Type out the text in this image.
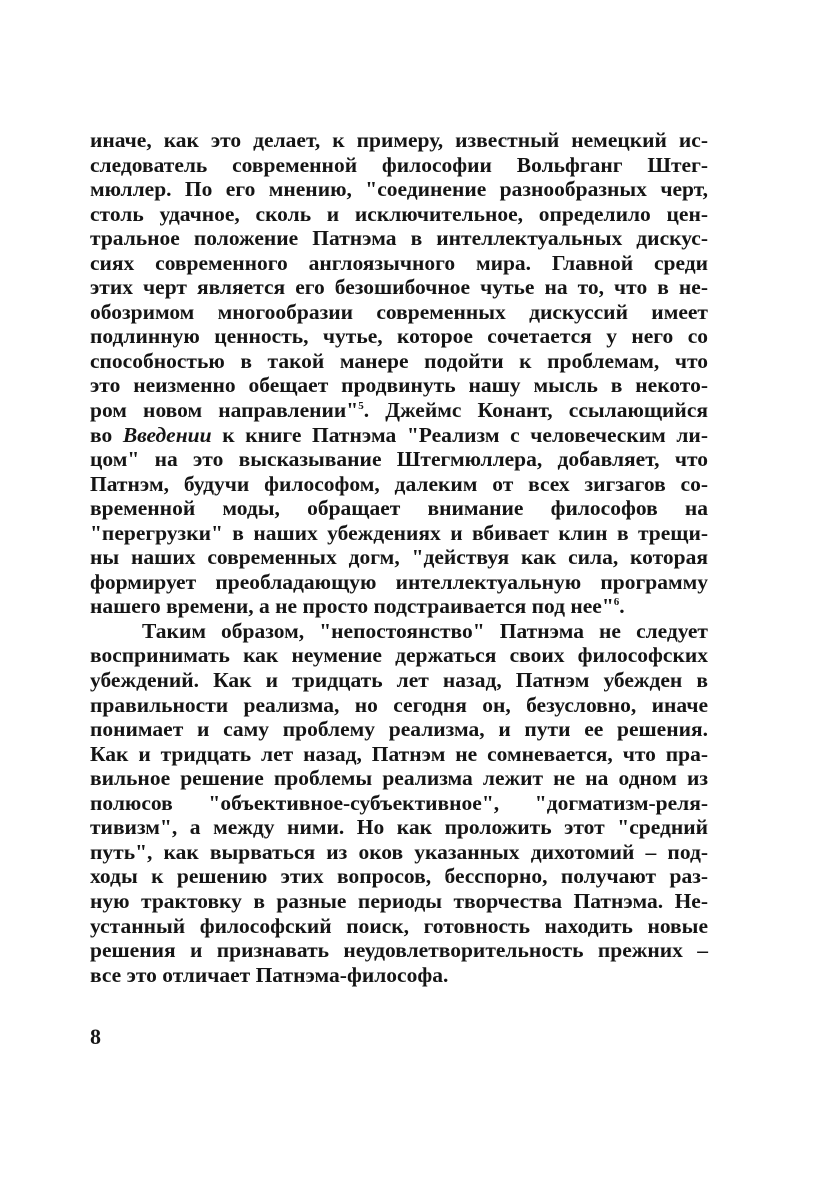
иначе, как это делает, к примеру, известный немецкий ис-
следователь современной философии Вольфганг Штег-
мюллер. По его мнению, "соединение разнообразных черт,
столь удачное, сколь и исключительное, определило цен-
тральное положение Патнэма в интеллектуальных дискус-
сиях современного англоязычного мира. Главной среди
этих черт является его безошибочное чутье на то, что в не-
обозримом многообразии современных дискуссий имеет
подлинную ценность, чутье, которое сочетается у него со
способностью в такой манере подойти к проблемам, что
это неизменно обещает продвинуть нашу мысль в некото-
ром новом направлении"$^5$. Джеймс Конант, ссылающийся
во Введении к книге Патнэма "Реализм с человеческим ли-
цом" на это высказывание Штегмюллера, добавляет, что
Патнэм, будучи философом, далеким от всех зигзагов со-
временной моды, обращает внимание философов на
"перегрузки" в наших убеждениях и вбивает клин в трещи-
ны наших современных догм, "действуя как сила, которая
формирует преобладающую интеллектуальную программу
нашего времени, а не просто подстраивается под нее"$^6$.
Таким образом, "непостоянство" Патнэма не следует
воспринимать как неумение держаться своих философских
убеждений. Как и тридцать лет назад, Патнэм убежден в
правильности реализма, но сегодня он, безусловно, иначе
понимает и саму проблему реализма, и пути ее решения.
Как и тридцать лет назад, Патнэм не сомневается, что пра-
вильное решение проблемы реализма лежит не на одном из
полюсов "объективное-субъективное", "догматизм-реля-
тивизм", а между ними. Но как проложить этот "средний
путь", как вырваться из оков указанных дихотомий – под-
ходы к решению этих вопросов, бесспорно, получают раз-
ную трактовку в разные периоды творчества Патнэма. Не-
устанный философский поиск, готовность находить новые
решения и признавать неудовлетворительность прежних –
все это отличает Патнэма-философа.
8
